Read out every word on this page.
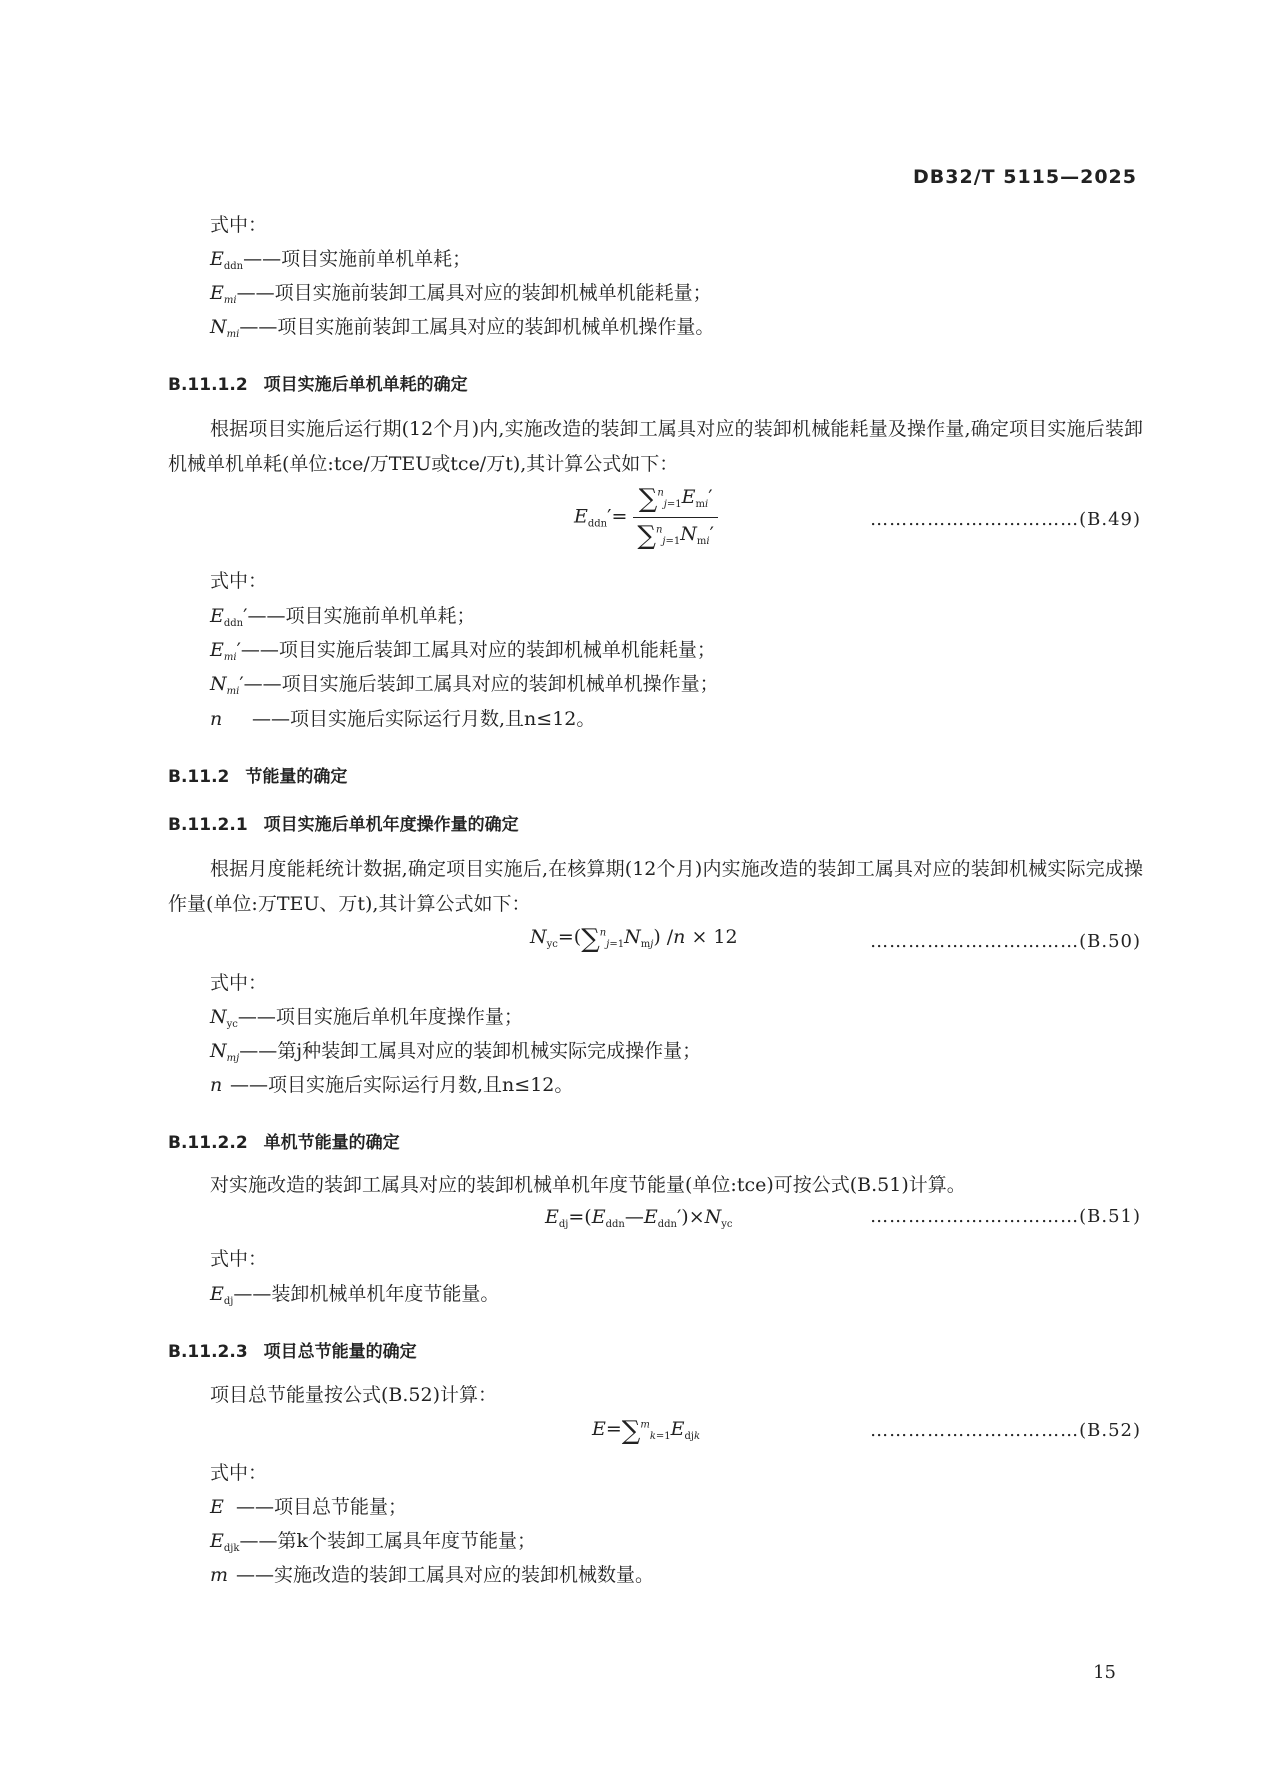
DB32/T 5115—2025
式中：
$E_{ddn}——$项目实施前单机单耗；
$E_{mi}——$项目实施前装卸工属具对应的装卸机械单机能耗量；
$N_{mi}——$项目实施前装卸工属具对应的装卸机械单机操作量。
B.11.1.2 项目实施后单机单耗的确定
根据项目实施后运行期(12个月)内,实施改造的装卸工属具对应的装卸机械能耗量及操作量,确定项目实施后装卸机械单机单耗(单位:tce/万TEU或tce/万t),其计算公式如下：
$E_{ddn}'= \frac{\sum^n_{j=1}E_{mi}'}{\sum^n_{j=1}N_{mi}'}$	……………………………(B.49)
式中：
$E_{ddn}'——$项目实施前单机单耗；
$E_{mi}'——$项目实施后装卸工属具对应的装卸机械单机能耗量；
$N_{mi}'——$项目实施后装卸工属具对应的装卸机械单机操作量；
n ——项目实施后实际运行月数,且n≤12。
B.11.2 节能量的确定
B.11.2.1 项目实施后单机年度操作量的确定
根据月度能耗统计数据,确定项目实施后,在核算期(12个月)内实施改造的装卸工属具对应的装卸机械实际完成操作量(单位:万TEU、万t),其计算公式如下：
$N_{yc}=(\sum^n_{j=1}N_{mj}) /n \times 12$	……………………………(B.50)
式中：
$N_{yc}——$项目实施后单机年度操作量；
$N_{mj}——$第j种装卸工属具对应的装卸机械实际完成操作量；
n ——项目实施后实际运行月数,且n≤12。
B.11.2.2 单机节能量的确定
对实施改造的装卸工属具对应的装卸机械单机年度节能量(单位:tce)可按公式(B.51)计算。
$E_{dj}=(E_{ddn}—E_{ddn}')\times N_{yc}$	……………………………(B.51)
式中：
$E_{dj}——$装卸机械单机年度节能量。
B.11.2.3 项目总节能量的确定
项目总节能量按公式(B.52)计算：
$E=\sum^m_{k=1}E_{djk}$	……………………………(B.52)
式中：
E ——项目总节能量；
$E_{djk}——$第k个装卸工属具年度节能量；
m ——实施改造的装卸工属具对应的装卸机械数量。
15
